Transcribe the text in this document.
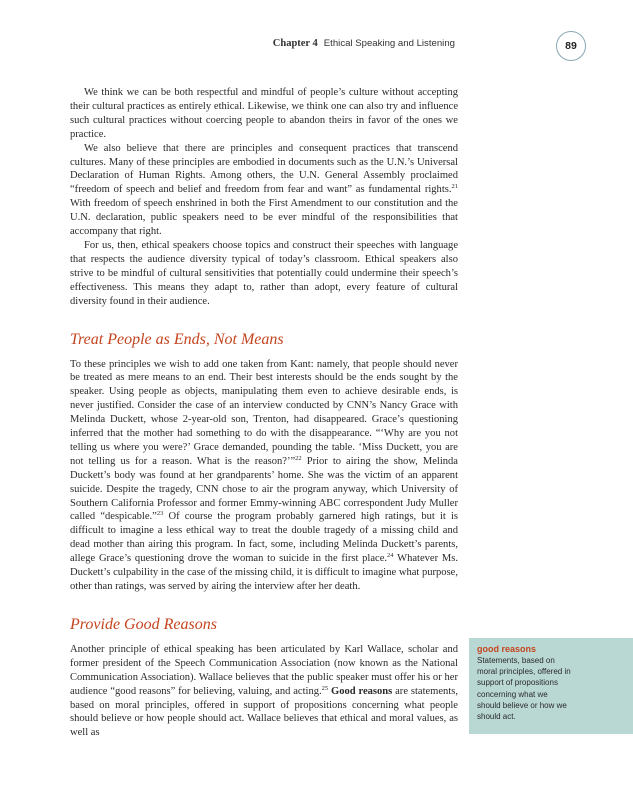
Chapter 4 Ethical Speaking and Listening	89

We think we can be both respectful and mindful of people’s culture without accepting their cultural practices as entirely ethical. Likewise, we think one can also try and influence such cultural practices without coercing people to abandon theirs in favor of the ones we practice.

We also believe that there are principles and consequent practices that transcend cultures. Many of these principles are embodied in documents such as the U.N.’s Universal Declaration of Human Rights. Among others, the U.N. General Assembly proclaimed “freedom of speech and belief and freedom from fear and want” as fundamental rights.$^{21}$ With freedom of speech enshrined in both the First Amendment to our constitution and the U.N. declaration, public speakers need to be ever mindful of the responsibilities that accompany that right.

For us, then, ethical speakers choose topics and construct their speeches with language that respects the audience diversity typical of today’s classroom. Ethical speakers also strive to be mindful of cultural sensitivities that potentially could undermine their speech’s effectiveness. This means they adapt to, rather than adopt, every feature of cultural diversity found in their audience.

Treat People as Ends, Not Means

To these principles we wish to add one taken from Kant: namely, that people should never be treated as mere means to an end. Their best interests should be the ends sought by the speaker. Using people as objects, manipulating them even to achieve desirable ends, is never justified. Consider the case of an interview conducted by CNN’s Nancy Grace with Melinda Duckett, whose 2-year-old son, Trenton, had disappeared. Grace’s questioning inferred that the mother had something to do with the disappearance. “‘Why are you not telling us where you were?’ Grace demanded, pounding the table. ‘Miss Duckett, you are not telling us for a reason. What is the reason?’”$^{22}$ Prior to airing the show, Melinda Duckett’s body was found at her grandparents’ home. She was the victim of an apparent suicide. Despite the tragedy, CNN chose to air the program anyway, which University of Southern California Professor and former Emmy-winning ABC correspondent Judy Muller called “despicable.”$^{23}$ Of course the program probably garnered high ratings, but it is difficult to imagine a less ethical way to treat the double tragedy of a missing child and dead mother than airing this program. In fact, some, including Melinda Duckett’s parents, allege Grace’s questioning drove the woman to suicide in the first place.$^{24}$ Whatever Ms. Duckett’s culpability in the case of the missing child, it is difficult to imagine what purpose, other than ratings, was served by airing the interview after her death.

Provide Good Reasons

Another principle of ethical speaking has been articulated by Karl Wallace, scholar and former president of the Speech Communication Association (now known as the National Communication Association). Wallace believes that the public speaker must offer his or her audience “good reasons” for believing, valuing, and acting.$^{25}$ Good reasons are statements, based on moral principles, offered in support of propositions concerning what people should believe or how people should act. Wallace believes that ethical and moral values, as well as

good reasons
Statements, based on moral principles, offered in support of propositions concerning what we should believe or how we should act.
